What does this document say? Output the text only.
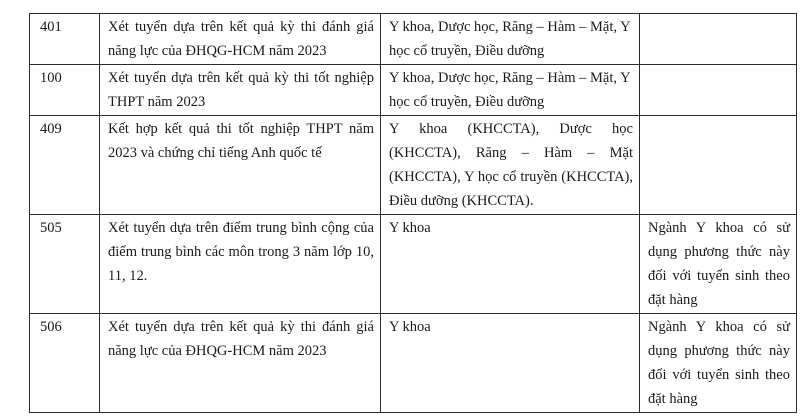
401	Xét tuyển dựa trên kết quả kỳ thi đánh giá năng lực của ĐHQG-HCM năm 2023	Y khoa, Dược học, Răng – Hàm – Mặt, Y học cổ truyền, Điều dưỡng	
100	Xét tuyển dựa trên kết quả kỳ thi tốt nghiệp THPT năm 2023	Y khoa, Dược học, Răng – Hàm – Mặt, Y học cổ truyền, Điều dưỡng	
409	Kết hợp kết quả thi tốt nghiệp THPT năm 2023 và chứng chỉ tiếng Anh quốc tế	Y khoa (KHCCTA), Dược học (KHCCTA), Răng – Hàm – Mặt (KHCCTA), Y học cổ truyền (KHCCTA), Điều dưỡng (KHCCTA).	
505	Xét tuyển dựa trên điểm trung bình cộng của điểm trung bình các môn trong 3 năm lớp 10, 11, 12.	Y khoa	Ngành Y khoa có sử dụng phương thức này đối với tuyển sinh theo đặt hàng
506	Xét tuyển dựa trên kết quả kỳ thi đánh giá năng lực của ĐHQG-HCM năm 2023	Y khoa	Ngành Y khoa có sử dụng phương thức này đối với tuyển sinh theo đặt hàng
